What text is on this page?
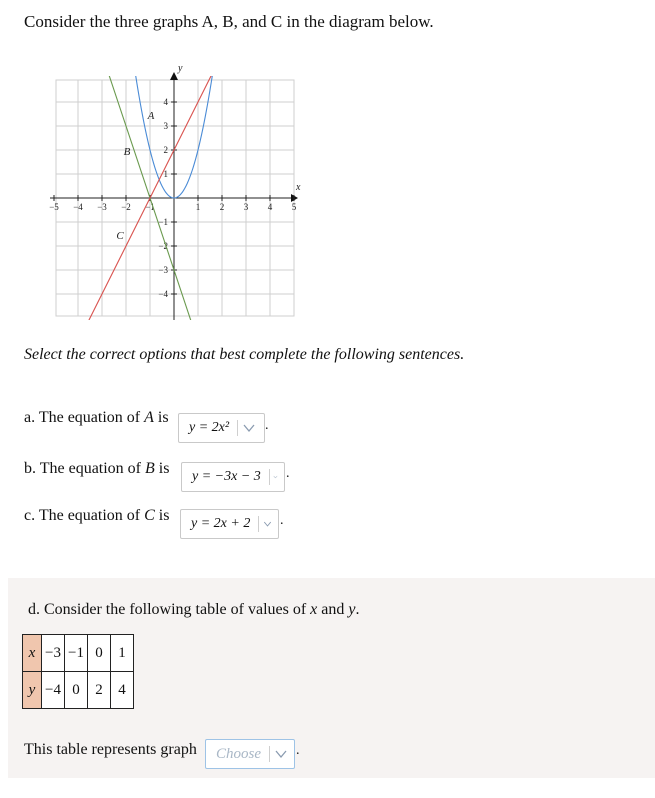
Consider the three graphs A, B, and C in the diagram below.
−5 −4 −3 −2 −1	1 2 3 4 5
−4
−3
−2
−1
1
2
3
4
x
y
A
B
C
Select the correct options that best complete the following sentences.
a. The equation of A is
y = 2x²	.
b. The equation of B is y = −3x − 3 .
c. The equation of C is y = 2x + 2 .
d. Consider the following table of values of x and y.
x	−3	−1	0	1
y	−4	0	2	4
This table represents graph Choose	.
